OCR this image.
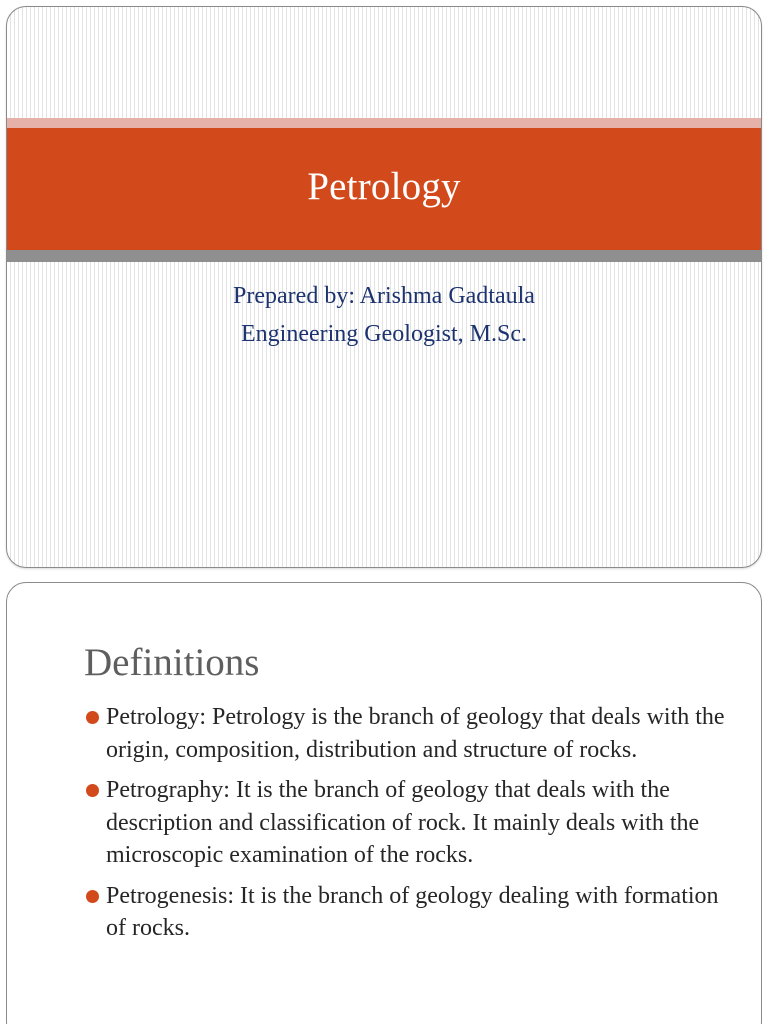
Petrology
Prepared by: Arishma Gadtaula
Engineering Geologist, M.Sc.
Definitions
Petrology: Petrology is the branch of geology that deals with the origin, composition, distribution and structure of rocks.
Petrography: It is the branch of geology that deals with the description and classification of rock. It mainly deals with the microscopic examination of the rocks.
Petrogenesis: It is the branch of geology dealing with formation of rocks.
